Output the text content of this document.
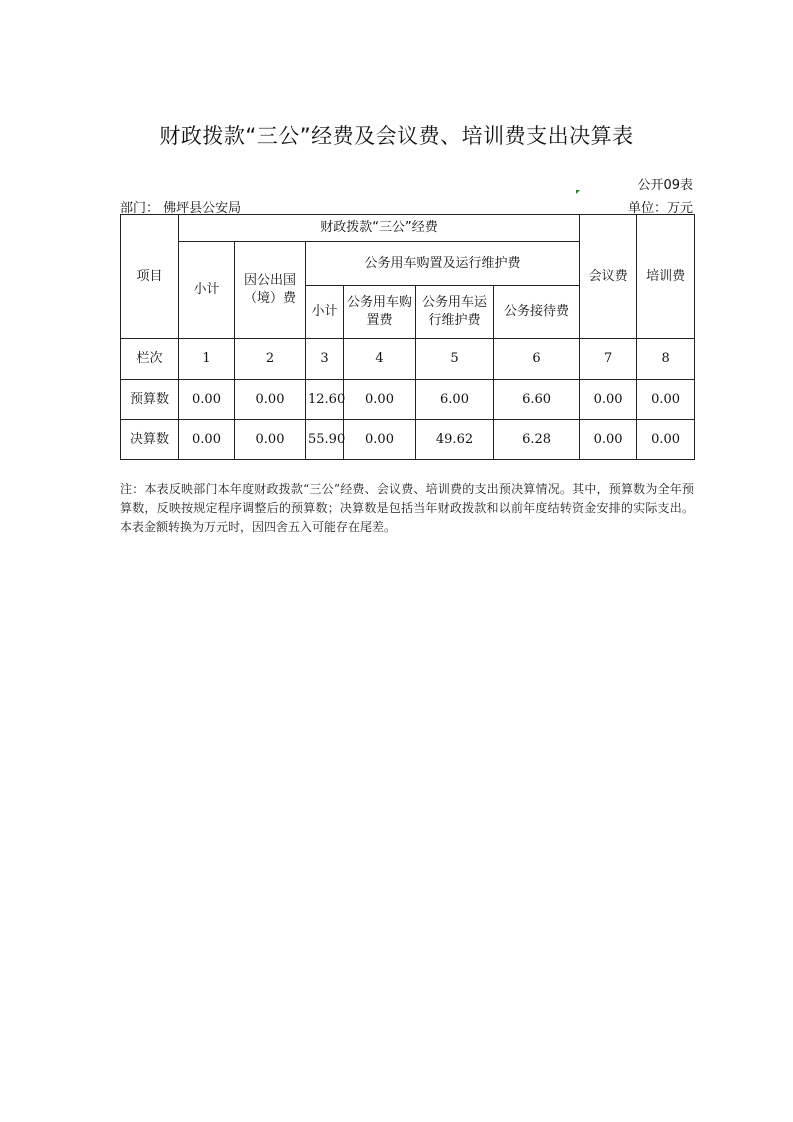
财政拨款“三公”经费及会议费、培训费支出决算表
公开09表
部门： 佛坪县公安局	单位：万元
项目	财政拨款“三公”经费						会议费	培训费
	小计	因公出国（境）费	公务用车购置及运行维护费					
			小计	公务用车购置费	公务用车运行维护费	公务接待费		
栏次	1	2	3	4	5	6	7	8
预算数	0.00	0.00	12.60	0.00	6.00	6.60	0.00	0.00
决算数	0.00	0.00	55.90	0.00	49.62	6.28	0.00	0.00
注：本表反映部门本年度财政拨款“三公”经费、会议费、培训费的支出预决算情况。其中，预算数为全年预算数，反映按规定程序调整后的预算数；决算数是包括当年财政拨款和以前年度结转资金安排的实际支出。本表金额转换为万元时，因四舍五入可能存在尾差。
